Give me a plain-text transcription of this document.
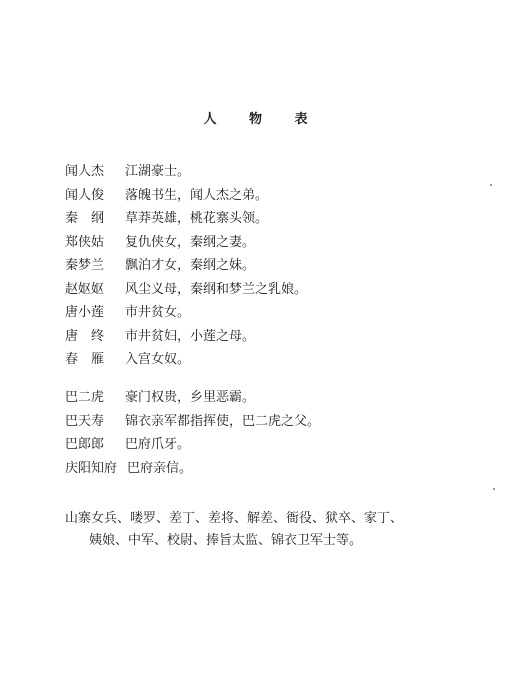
人 物 表
闻人杰 江湖豪士。
闻人俊 落魄书生，闻人杰之弟。
秦　纲 草莽英雄，桃花寨头领。
郑侠姑 复仇侠女，秦纲之妻。
秦梦兰 飘泊才女，秦纲之妹。
赵妪妪 风尘义母，秦纲和梦兰之乳娘。
唐小莲 市井贫女。
唐　终 市井贫妇，小莲之母。
春　雁 入宫女奴。
巴二虎 豪门权贵，乡里恶霸。
巴天寿 锦衣亲军都指挥使，巴二虎之父。
巴郎郎 巴府爪牙。
庆阳知府 巴府亲信。
山寨女兵、喽罗、差丁、差将、解差、衙役、狱卒、家丁、
姨娘、中军、校尉、捧旨太监、锦衣卫军士等。
